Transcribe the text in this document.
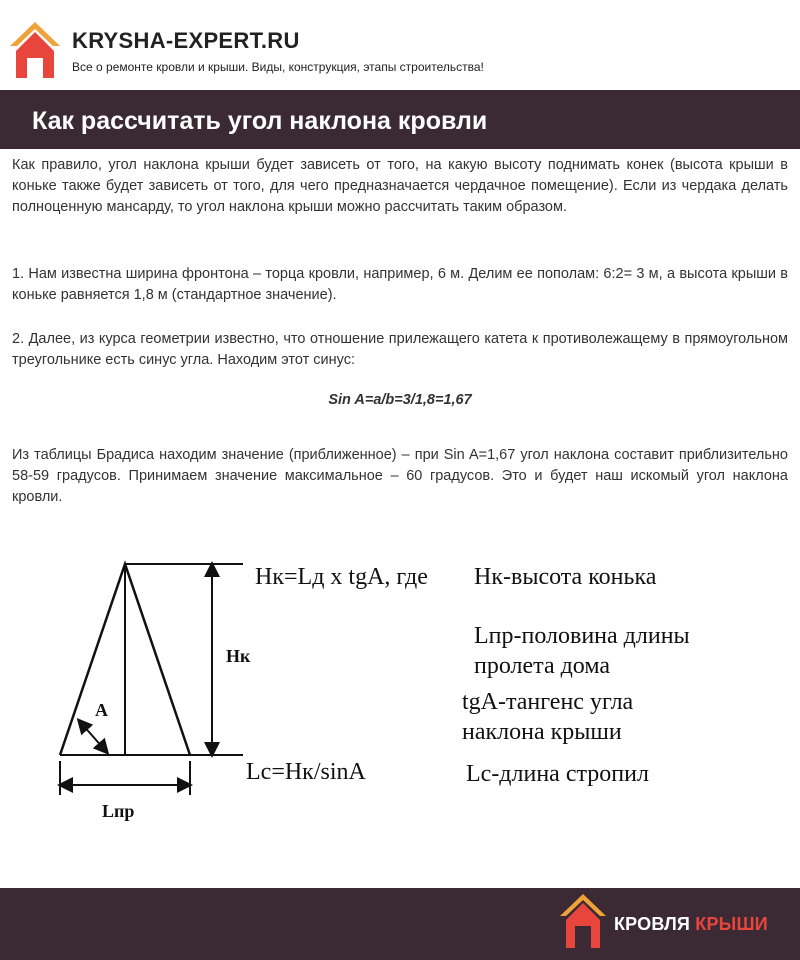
KRYSHA-EXPERT.RU
Все о ремонте кровли и крыши. Виды, конструкция, этапы строительства!
Как рассчитать угол наклона кровли

Как правило, угол наклона крыши будет зависеть от того, на какую высоту поднимать конек (высота крыши в коньке также будет зависеть от того, для чего предназначается чердачное помещение). Если из чердака делать полноценную мансарду, то угол наклона крыши можно рассчитать таким образом.

1. Нам известна ширина фронтона – торца кровли, например, 6 м. Делим ее пополам: 6:2= 3 м, а высота крыши в коньке равняется 1,8 м (стандартное значение).

2. Далее, из курса геометрии известно, что отношение прилежащего катета к противолежащему в прямоугольном треугольнике есть синус угла. Находим этот синус:

Sin A=a/b=3/1,8=1,67

Из таблицы Брадиса находим значение (приближенное) – при Sin A=1,67 угол наклона составит приблизительно 58-59 градусов. Принимаем значение максимальное – 60 градусов. Это и будет наш искомый угол наклона кровли.

A
Hк
Lпр
Hк=Lд x tgA, где
Lс=Hк/sinA
Hк-высота конька
Lпр-половина длины
пролета дома
tgA-тангенс угла
наклона крыши
Lс-длина стропил
КРОВЛЯ КРЫШИ
